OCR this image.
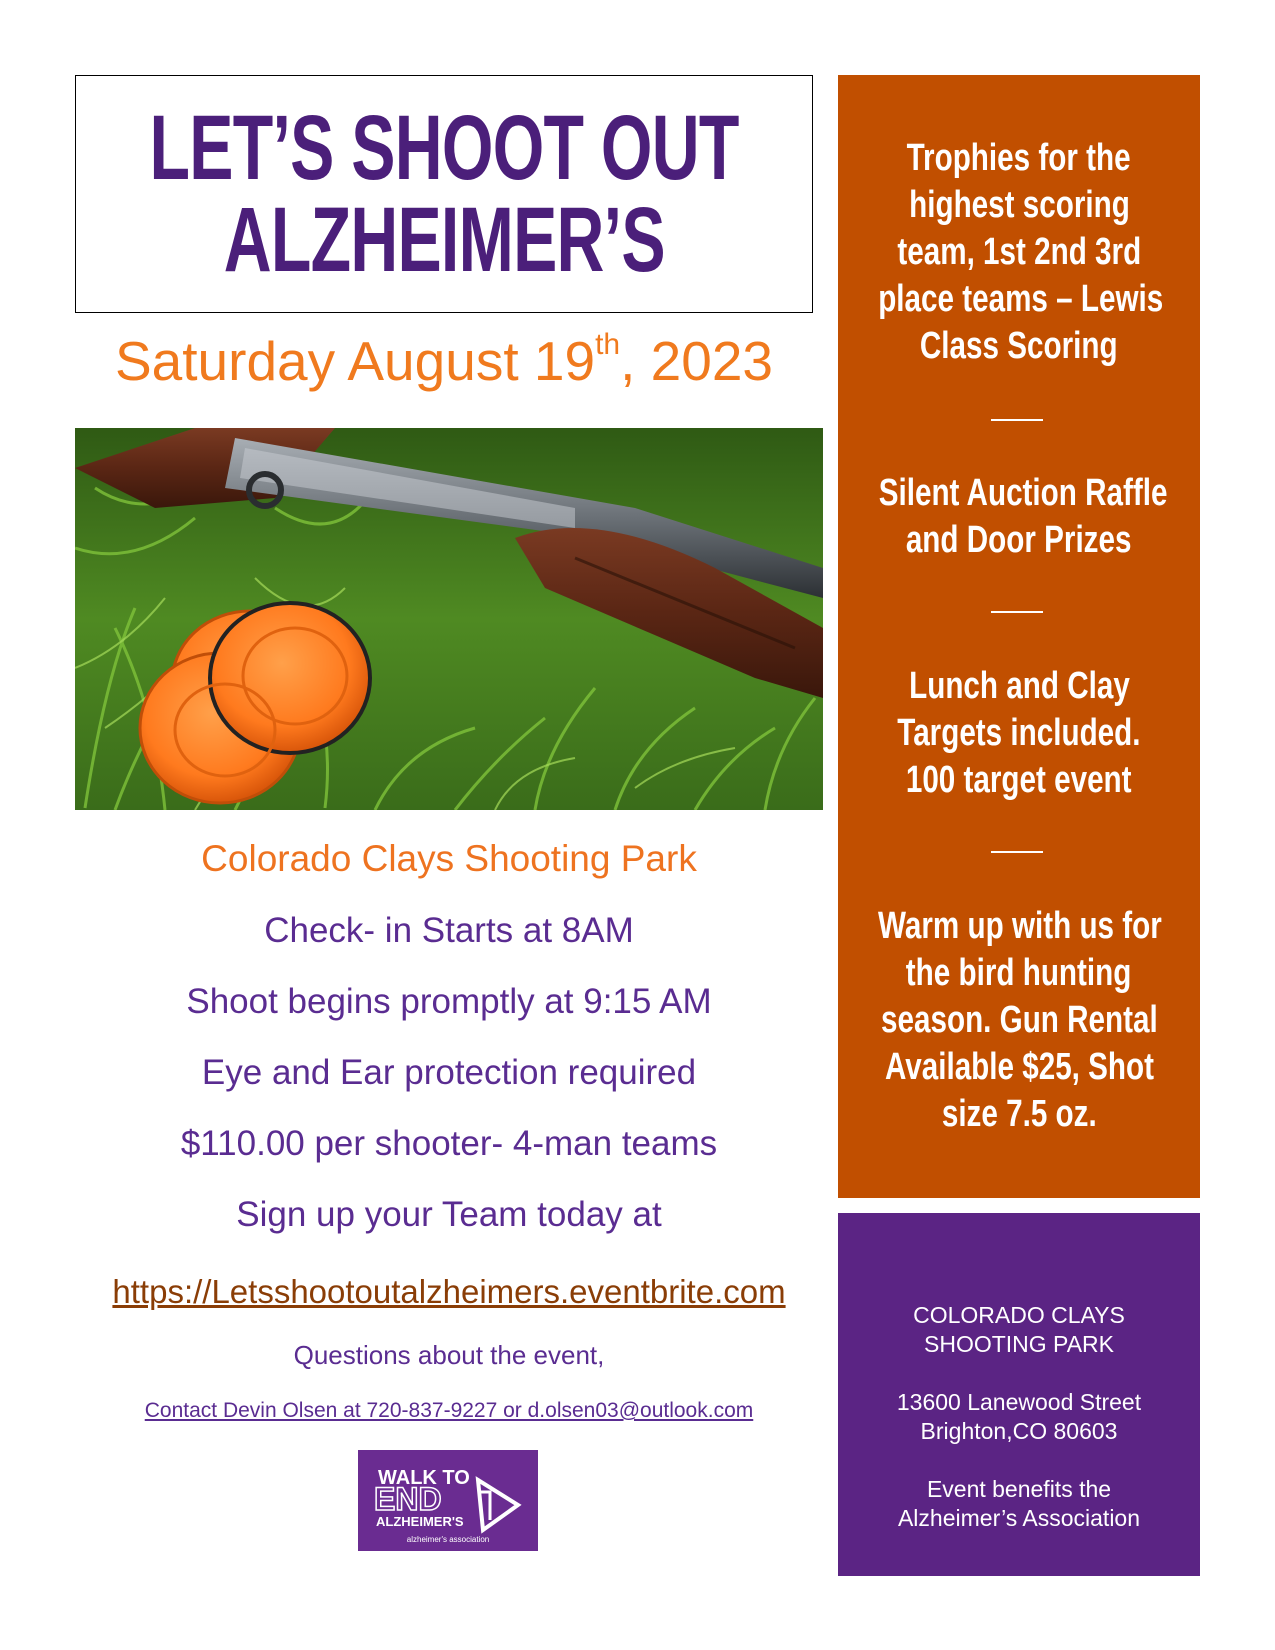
LET’S SHOOT OUT
ALZHEIMER’S
Saturday August 19th, 2023
Colorado Clays Shooting Park
Check- in Starts at 8AM
Shoot begins promptly at 9:15 AM
Eye and Ear protection required
$110.00 per shooter- 4-man teams
Sign up your Team today at
https://Letsshootoutalzheimers.eventbrite.com
Questions about the event,
Contact Devin Olsen at 720-837-9227 or d.olsen03@outlook.com
WALK TO
END
ALZHEIMER'S
alzheimer's association
Trophies for the
highest scoring
team, 1st 2nd 3rd
place teams – Lewis
Class Scoring
Silent Auction Raffle
and Door Prizes
Lunch and Clay
Targets included.
100 target event
Warm up with us for
the bird hunting
season. Gun Rental
Available $25, Shot
size 7.5 oz.
COLORADO CLAYS
SHOOTING PARK
13600 Lanewood Street
Brighton,CO 80603
Event benefits the
Alzheimer’s Association
